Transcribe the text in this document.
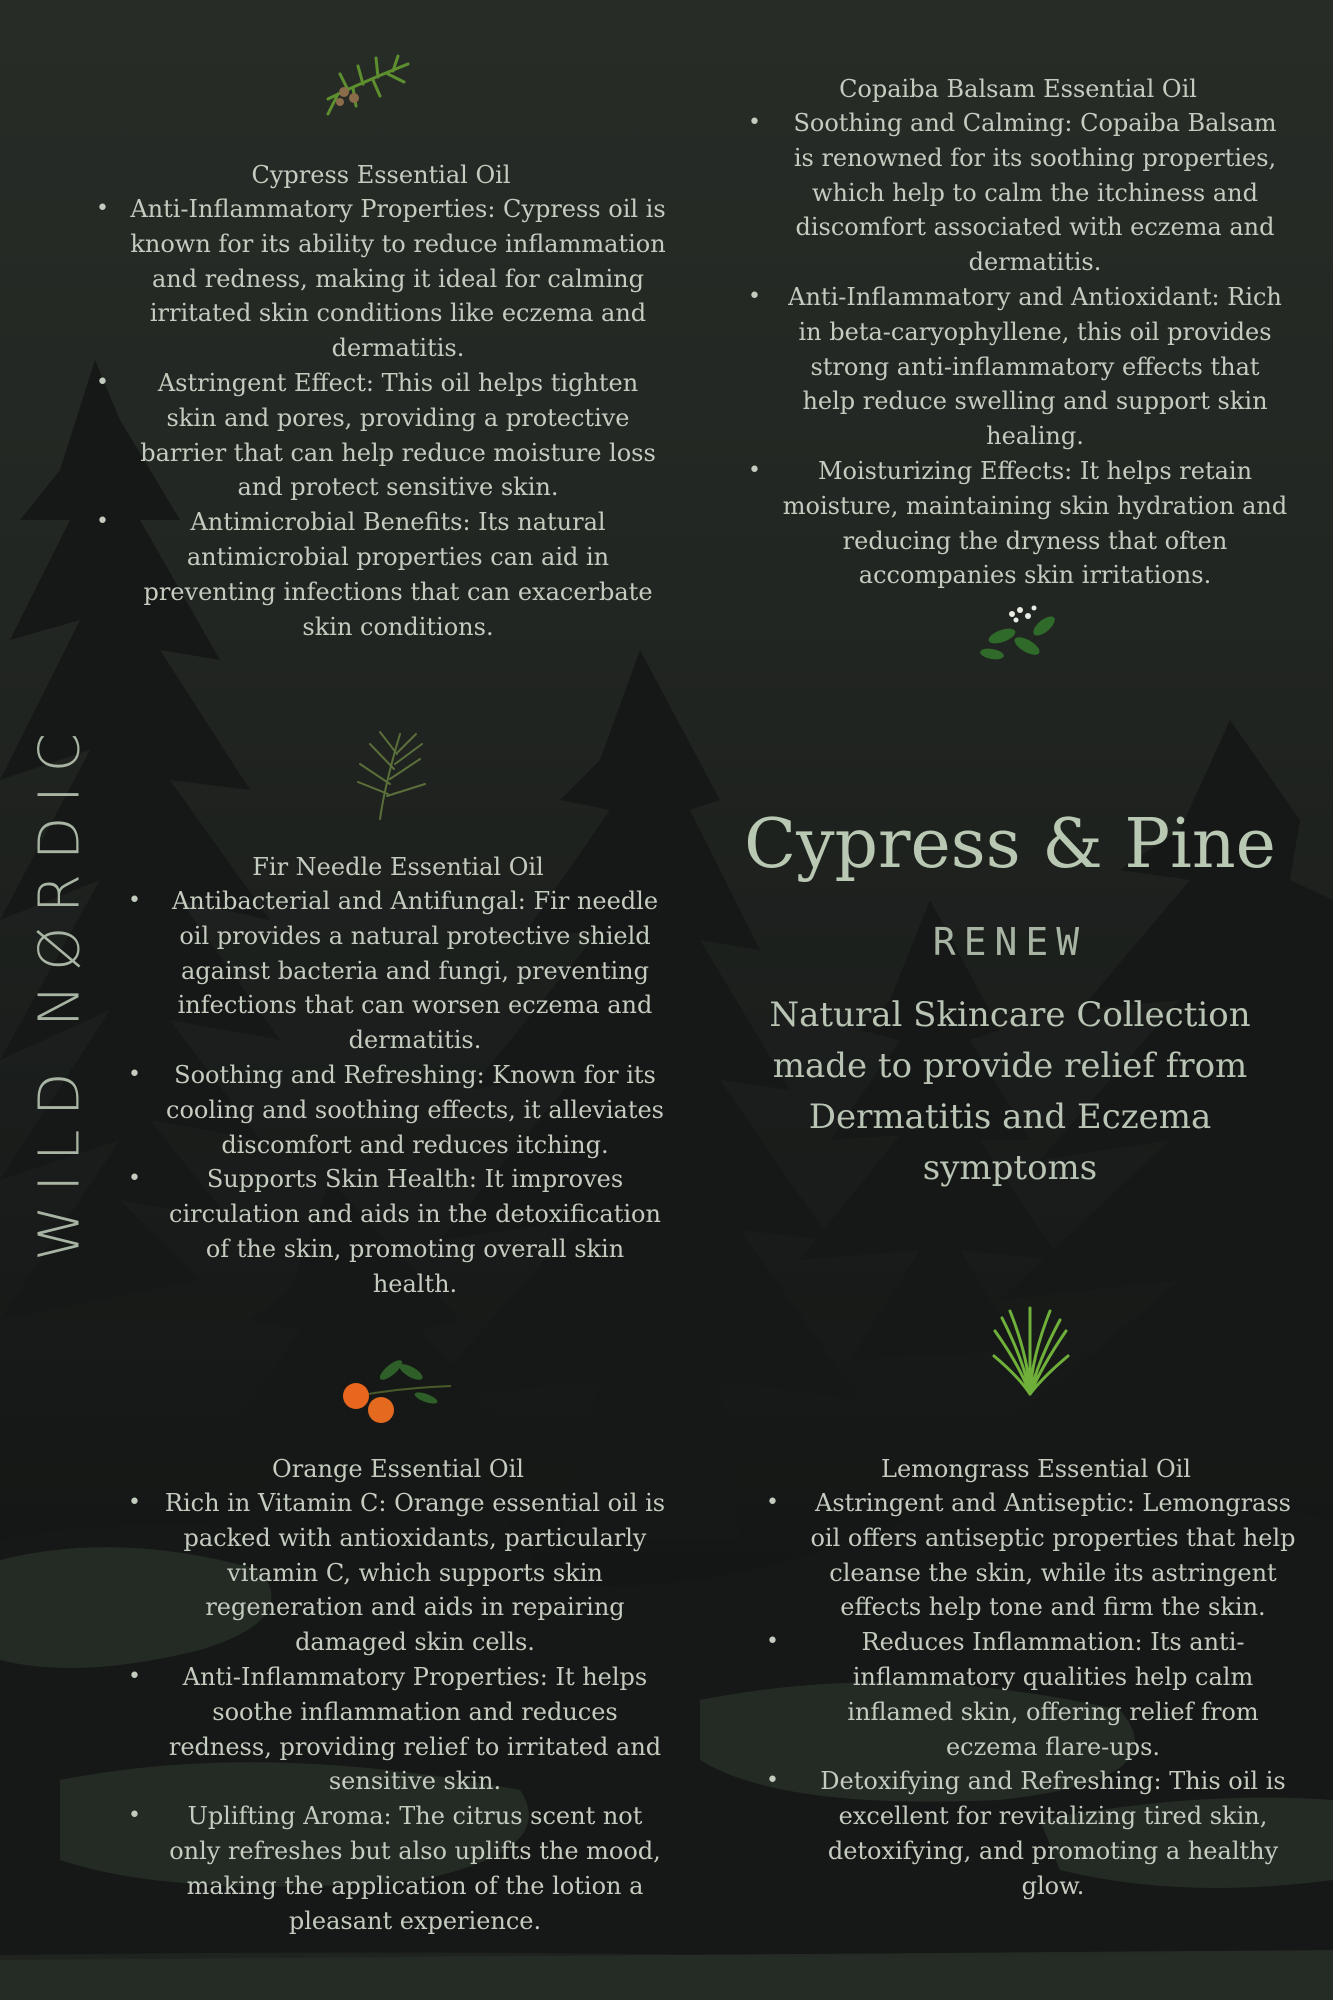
WILD NØRDIC
Cypress Essential Oil
• Anti-Inflammatory Properties: Cypress oil is known for its ability to reduce inflammation and redness, making it ideal for calming irritated skin conditions like eczema and dermatitis.
• Astringent Effect: This oil helps tighten skin and pores, providing a protective barrier that can help reduce moisture loss and protect sensitive skin.
• Antimicrobial Benefits: Its natural antimicrobial properties can aid in preventing infections that can exacerbate skin conditions.
Copaiba Balsam Essential Oil
• Soothing and Calming: Copaiba Balsam is renowned for its soothing properties, which help to calm the itchiness and discomfort associated with eczema and dermatitis.
• Anti-Inflammatory and Antioxidant: Rich in beta-caryophyllene, this oil provides strong anti-inflammatory effects that help reduce swelling and support skin healing.
• Moisturizing Effects: It helps retain moisture, maintaining skin hydration and reducing the dryness that often accompanies skin irritations.
Fir Needle Essential Oil
• Antibacterial and Antifungal: Fir needle oil provides a natural protective shield against bacteria and fungi, preventing infections that can worsen eczema and dermatitis.
• Soothing and Refreshing: Known for its cooling and soothing effects, it alleviates discomfort and reduces itching.
• Supports Skin Health: It improves circulation and aids in the detoxification of the skin, promoting overall skin health.
Orange Essential Oil
• Rich in Vitamin C: Orange essential oil is packed with antioxidants, particularly vitamin C, which supports skin regeneration and aids in repairing damaged skin cells.
• Anti-Inflammatory Properties: It helps soothe inflammation and reduces redness, providing relief to irritated and sensitive skin.
• Uplifting Aroma: The citrus scent not only refreshes but also uplifts the mood, making the application of the lotion a pleasant experience.
Lemongrass Essential Oil
• Astringent and Antiseptic: Lemongrass oil offers antiseptic properties that help cleanse the skin, while its astringent effects help tone and firm the skin.
• Reduces Inflammation: Its anti-inflammatory qualities help calm inflamed skin, offering relief from eczema flare-ups.
• Detoxifying and Refreshing: This oil is excellent for revitalizing tired skin, detoxifying, and promoting a healthy glow.
Cypress & Pine
RENEW
Natural Skincare Collection made to provide relief from Dermatitis and Eczema symptoms
